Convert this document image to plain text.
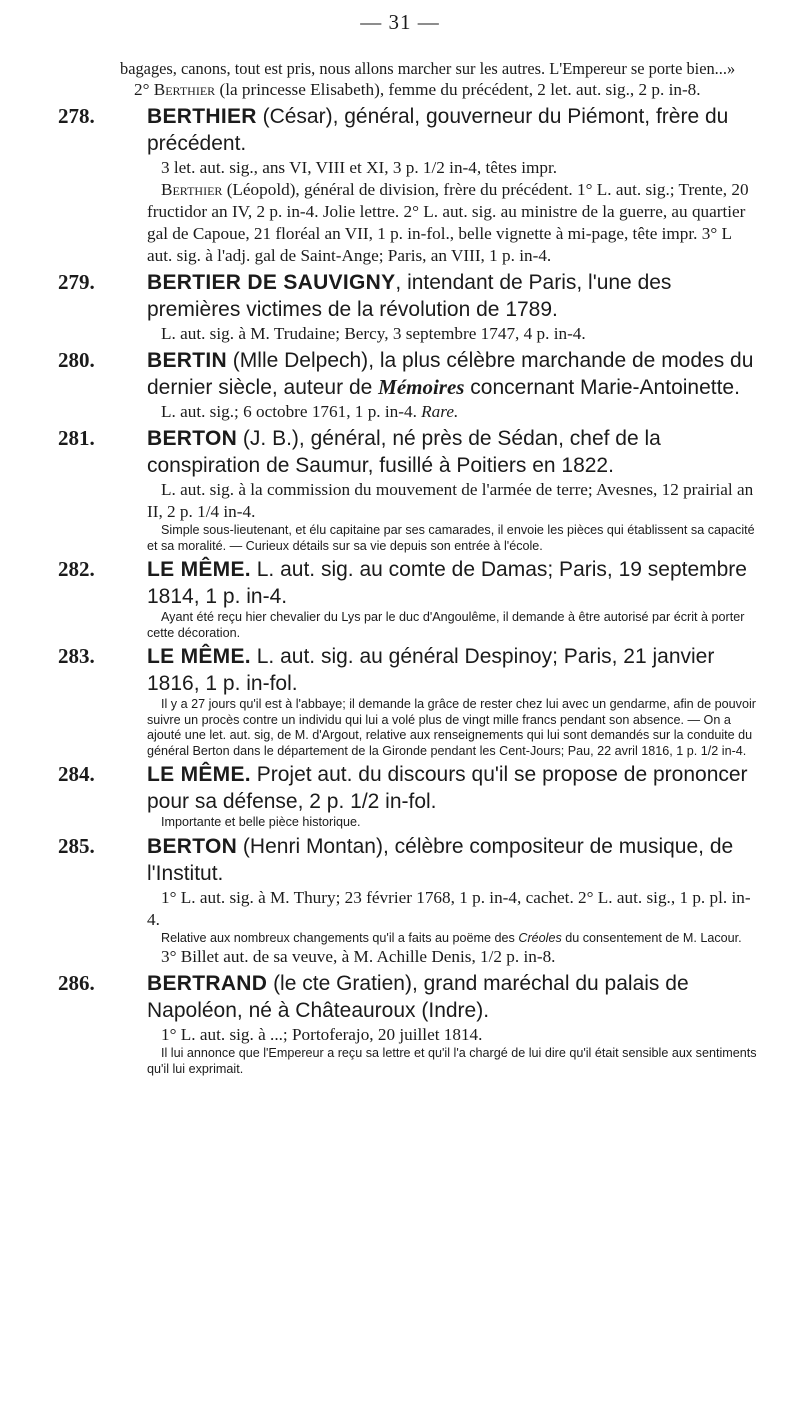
— 31 —

bagages, canons, tout est pris, nous allons marcher sur les autres. L'Empereur se porte bien...»

2° Berthier (la princesse Elisabeth), femme du précédent, 2 let. aut. sig., 2 p. in-8.

278.	BERTHIER (César), général, gouverneur du Piémont, frère du précédent.

3 let. aut. sig., ans VI, VIII et XI, 3 p. 1/2 in-4, têtes impr.

Berthier (Léopold), général de division, frère du précédent. 1° L. aut. sig.; Trente, 20 fructidor an IV, 2 p. in-4. Jolie lettre. 2° L. aut. sig. au ministre de la guerre, au quartier gal de Capoue, 21 floréal an VII, 1 p. in-fol., belle vignette à mi-page, tête impr. 3° L aut. sig. à l'adj. gal de Saint-Ange; Paris, an VIII, 1 p. in-4.

279.	BERTIER DE SAUVIGNY, intendant de Paris, l'une des premières victimes de la révolution de 1789.

L. aut. sig. à M. Trudaine; Bercy, 3 septembre 1747, 4 p. in-4.

280.	BERTIN (Mlle Delpech), la plus célèbre marchande de modes du dernier siècle, auteur de Mémoires concernant Marie-Antoinette.

L. aut. sig.; 6 octobre 1761, 1 p. in-4. Rare.

281.	BERTON (J. B.), général, né près de Sédan, chef de la conspiration de Saumur, fusillé à Poitiers en 1822.

L. aut. sig. à la commission du mouvement de l'armée de terre; Avesnes, 12 prairial an II, 2 p. 1/4 in-4.

Simple sous-lieutenant, et élu capitaine par ses camarades, il envoie les pièces qui établissent sa capacité et sa moralité. — Curieux détails sur sa vie depuis son entrée à l'école.

282.	LE MÊME. L. aut. sig. au comte de Damas; Paris, 19 septembre 1814, 1 p. in-4.

Ayant été reçu hier chevalier du Lys par le duc d'Angoulême, il demande à être autorisé par écrit à porter cette décoration.

283.	LE MÊME. L. aut. sig. au général Despinoy; Paris, 21 janvier 1816, 1 p. in-fol.

Il y a 27 jours qu'il est à l'abbaye; il demande la grâce de rester chez lui avec un gendarme, afin de pouvoir suivre un procès contre un individu qui lui a volé plus de vingt mille francs pendant son absence. — On a ajouté une let. aut. sig, de M. d'Argout, relative aux renseignements qui lui sont demandés sur la conduite du général Berton dans le département de la Gironde pendant les Cent-Jours; Pau, 22 avril 1816, 1 p. 1/2 in-4.

284.	LE MÊME. Projet aut. du discours qu'il se propose de prononcer pour sa défense, 2 p. 1/2 in-fol.

Importante et belle pièce historique.

285.	BERTON (Henri Montan), célèbre compositeur de musique, de l'Institut.

1° L. aut. sig. à M. Thury; 23 février 1768, 1 p. in-4, cachet. 2° L. aut. sig., 1 p. pl. in-4.

Relative aux nombreux changements qu'il a faits au poëme des Créoles du consentement de M. Lacour.

3° Billet aut. de sa veuve, à M. Achille Denis, 1/2 p. in-8.

286.	BERTRAND (le cte Gratien), grand maréchal du palais de Napoléon, né à Châteauroux (Indre).

1° L. aut. sig. à ...; Portoferajo, 20 juillet 1814.

Il lui annonce que l'Empereur a reçu sa lettre et qu'il l'a chargé de lui dire qu'il était sensible aux sentiments qu'il lui exprimait.
